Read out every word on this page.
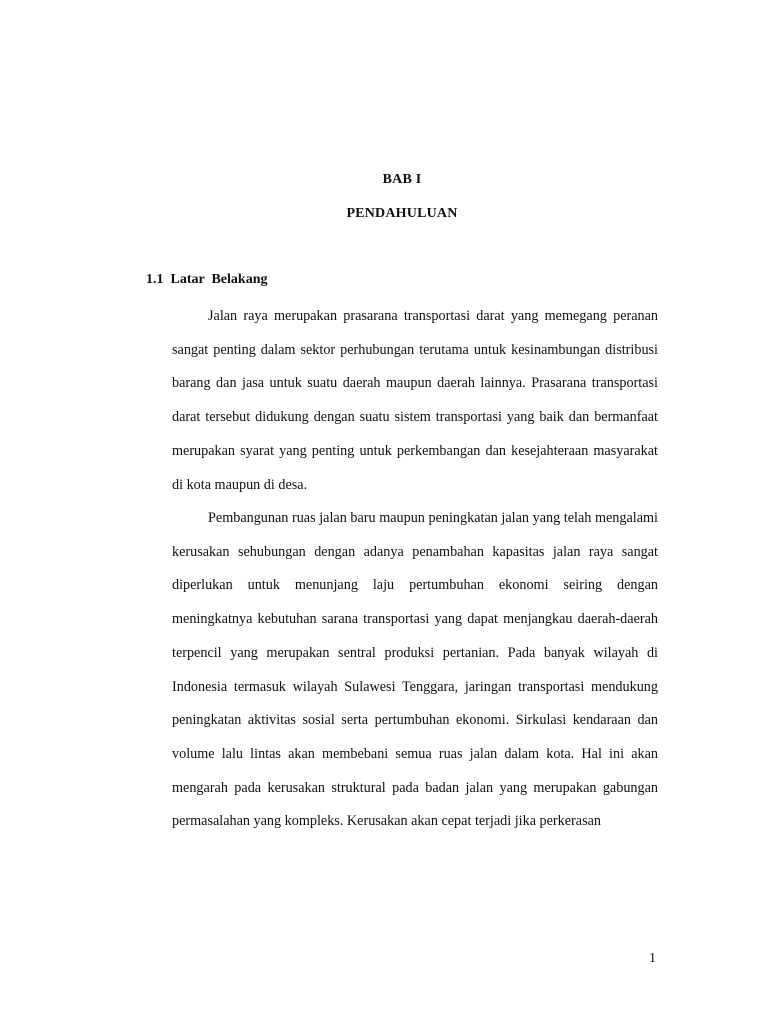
BAB I
PENDAHULUAN
1.1  Latar  Belakang

Jalan raya merupakan prasarana transportasi darat yang memegang peranan sangat penting dalam sektor perhubungan terutama untuk kesinambungan distribusi barang dan jasa untuk suatu daerah maupun daerah lainnya. Prasarana transportasi darat tersebut didukung dengan suatu sistem transportasi yang baik dan bermanfaat merupakan syarat yang penting untuk perkembangan dan kesejahteraan masyarakat di kota maupun di desa.

Pembangunan ruas jalan baru maupun peningkatan jalan yang telah mengalami kerusakan sehubungan dengan adanya penambahan kapasitas jalan raya sangat diperlukan untuk menunjang laju pertumbuhan ekonomi seiring dengan meningkatnya kebutuhan sarana transportasi yang dapat menjangkau daerah-daerah terpencil yang merupakan sentral produksi pertanian. Pada banyak wilayah di Indonesia termasuk wilayah Sulawesi Tenggara, jaringan transportasi mendukung peningkatan aktivitas sosial serta pertumbuhan ekonomi. Sirkulasi kendaraan dan volume lalu lintas akan membebani semua ruas jalan dalam kota. Hal ini akan mengarah pada kerusakan struktural pada badan jalan yang merupakan gabungan permasalahan yang kompleks. Kerusakan akan cepat terjadi jika perkerasan

1
